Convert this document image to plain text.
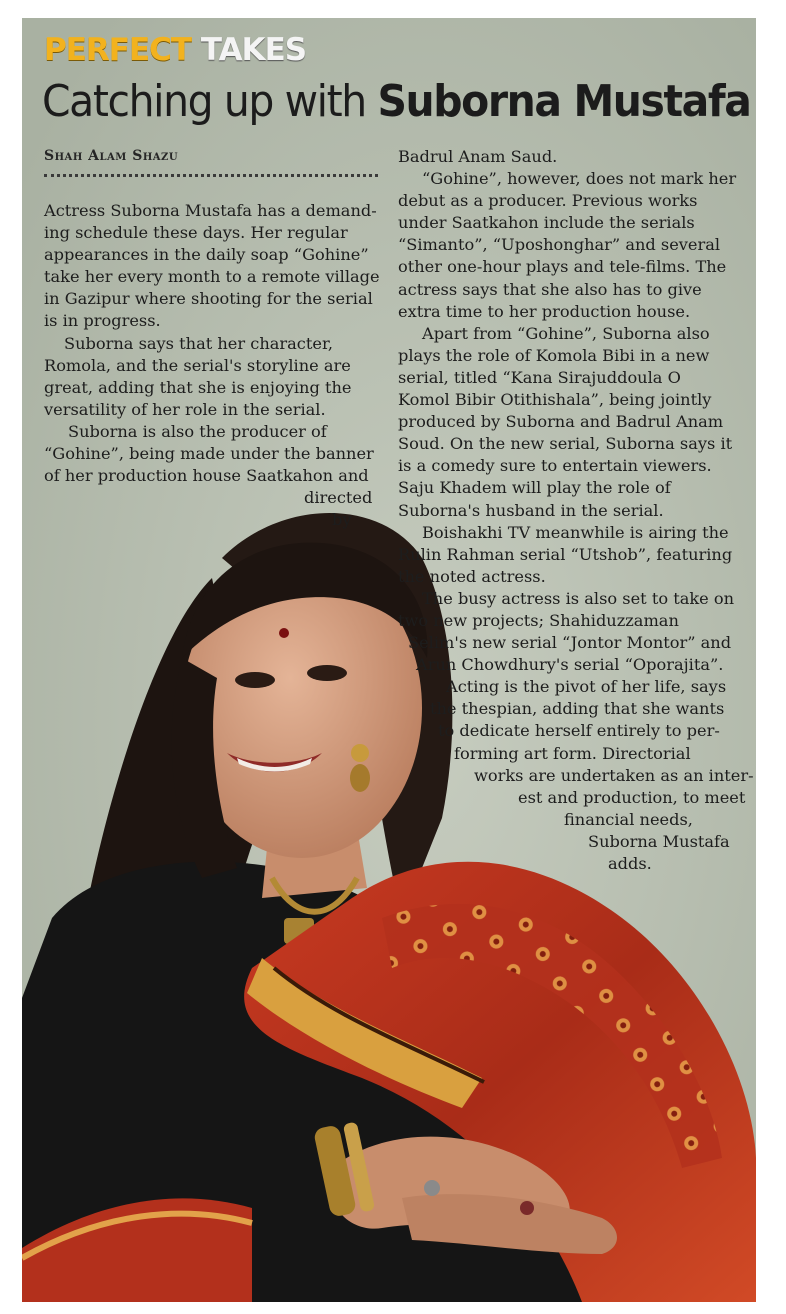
PERFECT TAKES
Catching up with Suborna Mustafa
Shah Alam Shazu

Actress Suborna Mustafa has a demand-
ing schedule these days. Her regular
appearances in the daily soap “Gohine”
take her every month to a remote village
in Gazipur where shooting for the serial
is in progress.

Suborna says that her character,
Romola, and the serial's storyline are
great, adding that she is enjoying the
versatility of her role in the serial.

Suborna is also the producer of
“Gohine”, being made under the banner
of her production house Saatkahon and
directed
by

Badrul Anam Saud.

“Gohine”, however, does not mark her
debut as a producer. Previous works
under Saatkahon include the serials
“Simanto”, “Uposhonghar” and several
other one-hour plays and tele-films. The
actress says that she also has to give
extra time to her production house.

Apart from “Gohine”, Suborna also
plays the role of Komola Bibi in a new
serial, titled “Kana Sirajuddoula O
Komol Bibir Otithishala”, being jointly
produced by Suborna and Badrul Anam
Soud. On the new serial, Suborna says it
is a comedy sure to entertain viewers.
Saju Khadem will play the role of
Suborna's husband in the serial.

Boishakhi TV meanwhile is airing the
Rulin Rahman serial “Utshob”, featuring
the noted actress.

The busy actress is also set to take on
two new projects; Shahiduzzaman
Selim's new serial “Jontor Montor” and
Arun Chowdhury's serial “Oporajita”.

Acting is the pivot of her life, says
the thespian, adding that she wants
to dedicate herself entirely to per-
forming art form. Directorial
works are undertaken as an inter-
est and production, to meet
financial needs,
Suborna Mustafa
adds.
